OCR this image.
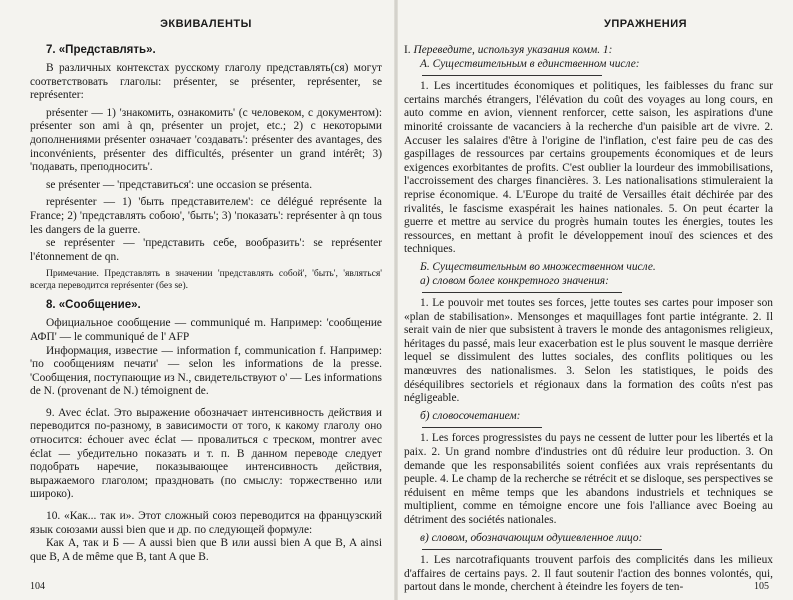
ЭКВИВАЛЕНТЫ
7. «Представлять».

В различных контекстах русскому глаголу представлять(ся) могут соответствовать глаголы: présenter, se présenter, représenter, se représenter:

présenter — 1) 'знакомить, ознакомить' (с человеком, с документом): présenter son ami à qn, présenter un projet, etc.; 2) с некоторыми дополнениями présenter означает 'создавать': présenter des avantages, des inconvénients, présenter des difficultés, présenter un grand intérêt; 3) 'подавать, преподносить'.

se présenter — 'представиться': une occasion se présenta.

représenter — 1) 'быть представителем': ce délégué représente la France; 2) 'представлять собою', 'быть'; 3) 'показать': représenter à qn tous les dangers de la guerre.

se représenter — 'представить себе, вообразить': se représenter l'étonnement de qn.

Примечание. Представлять в значении 'представлять собой', 'быть', 'являться' всегда переводится représenter (без se).

8. «Сообщение».

Официальное сообщение — communiqué m. Например: 'сообщение АФП' — le communiqué de l' AFP

Информация, известие — information f, communication f. Например: 'по сообщениям печати' — selon les informations de la presse. 'Сообщения, поступающие из N., свидетельствуют о' — Les informations de N. (provenant de N.) témoignent de.

9. Avec éclat. Это выражение обозначает интенсивность действия и переводится по-разному, в зависимости от того, к какому глаголу оно относится: échouer avec éclat — провалиться с треском, montrer avec éclat — убедительно показать и т. п. В данном переводе следует подобрать наречие, показывающее интенсивность действия, выражаемого глаголом; праздновать (по смыслу: торжественно или широко).

10. «Как... так и». Этот сложный союз переводится на французский язык союзами aussi bien que и др. по следующей формуле:

Как А, так и Б — A aussi bien que B или aussi bien A que B, A ainsi que B, A de même que B, tant A que B.

104
УПРАЖНЕНИЯ
I. Переведите, используя указания комм. 1:
А. Существительным в единственном числе:

1. Les incertitudes économiques et politiques, les faiblesses du franc sur certains marchés étrangers, l'élévation du coût des voyages au long cours, en auto comme en avion, viennent renforcer, cette saison, les aspirations d'une minorité croissante de vacanciers à la recherche d'un paisible art de vivre. 2. Accuser les salaires d'être à l'origine de l'inflation, c'est faire peu de cas des gaspillages de ressources par certains groupements économiques et de leurs exigences exorbitantes de profits. C'est oublier la lourdeur des immobilisations, l'accroissement des charges financières. 3. Les nationalisations stimuleraient la reprise économique. 4. L'Europe du traité de Versailles était déchirée par des rivalités, le fascisme exaspérait les haines nationales. 5. On peut écarter la guerre et mettre au service du progrès humain toutes les énergies, toutes les ressources, en mettant à profit le développement inouï des sciences et des techniques.

Б. Существительным во множественном числе.
а) словом более конкретного значения:

1. Le pouvoir met toutes ses forces, jette toutes ses cartes pour imposer son «plan de stabilisation». Mensonges et maquillages font partie intégrante. 2. Il serait vain de nier que subsistent à travers le monde des antagonismes religieux, héritages du passé, mais leur exacerbation est le plus souvent le masque derrière lequel se dissimulent des luttes sociales, des conflits politiques ou les manœuvres des nationalismes. 3. Selon les statistiques, le poids des déséquilibres sectoriels et régionaux dans la formation des coûts n'est pas négligeable.

б) словосочетанием:

1. Les forces progressistes du pays ne cessent de lutter pour les libertés et la paix. 2. Un grand nombre d'industries ont dû réduire leur production. 3. On demande que les responsabilités soient confiées aux vrais représentants du peuple. 4. Le champ de la recherche se rétrécit et se disloque, ses perspectives se réduisent en même temps que les abandons industriels et techniques se multiplient, comme en témoigne encore une fois l'alliance avec Boeing au détriment des sociétés nationales.

в) словом, обозначающим одушевленное лицо:

1. Les narcotrafiquants trouvent parfois des complicités dans les milieux d'affaires de certains pays. 2. Il faut soutenir l'action des bonnes volontés, qui, partout dans le monde, cherchent à éteindre les foyers de ten-	105
